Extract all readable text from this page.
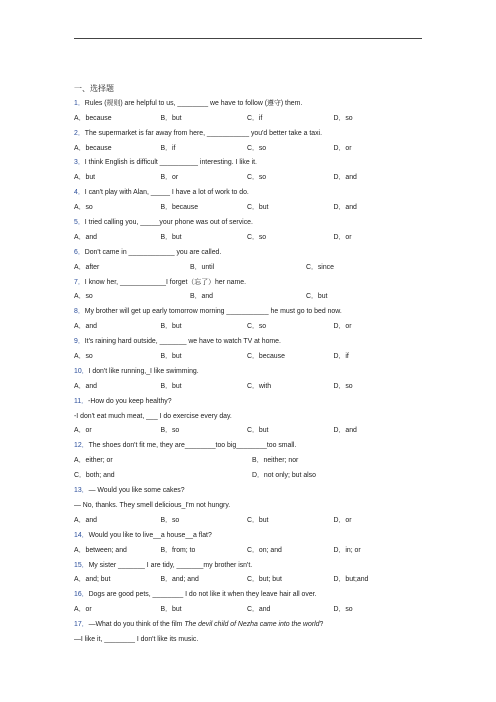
一、选择题
1．Rules (规则) are helpful to us, ________ we have to follow (遵守) them.
A．because	B．but	C．if	D．so
2．The supermarket is far away from here, ___________ you'd better take a taxi.
A．because	B．if	C．so	D．or
3．I think English is difficult __________ interesting. I like it.
A．but	B．or	C．so	D．and
4．I can't play with Alan, _____ I have a lot of work to do.
A．so	B．because	C．but	D．and
5．I tried calling you, _____your phone was out of service.
A．and	B．but	C．so	D．or
6．Don't came in ____________ you are called.
A．after	B．until	C．since
7．I know her, ____________I forget（忘了）her name.
A．so	B．and	C．but
8．My brother will get up early tomorrow morning ___________ he must go to bed now.
A．and	B．but	C．so	D．or
9．It's raining hard outside, _______ we have to watch TV at home.
A．so	B．but	C．because	D．if
10．I don't like running,_I like swimming.
A．and	B．but	C．with	D．so
11．-How do you keep healthy?
-I don't eat much meat, ___ I do exercise every day.
A．or	B．so	C．but	D．and
12．The shoes don't fit me, they are________too big________too small.
A．either; or	B．neither; nor
C．both; and	D．not only; but also
13．— Would you like some cakes?
— No, thanks. They smell delicious_I'm not hungry.
A．and	B．so	C．but	D．or
14．Would you like to live__a house__a flat?
A．between; and	B．from; to	C．on; and	D．in; or
15．My sister _______ I are tidy, _______my brother isn't.
A．and; but	B．and; and	C．but; but	D．but;and
16．Dogs are good pets, ________ I do not like it when they leave hair all over.
A．or	B．but	C．and	D．so
17．—What do you think of the film The devil child of Nezha came into the world?
—I like it, ________ I don't like its music.
